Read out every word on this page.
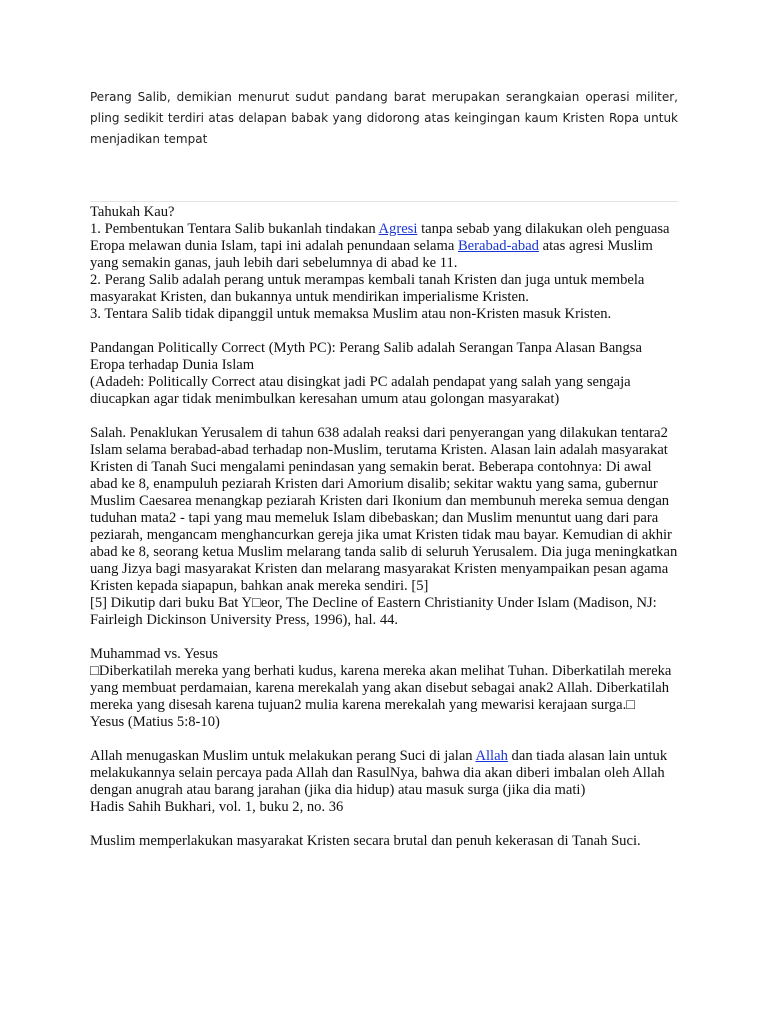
Perang Salib, demikian menurut sudut pandang barat merupakan serangkaian operasi militer, pling sedikit terdiri atas delapan babak yang didorong atas keingingan kaum Kristen Ropa untuk menjadikan tempat

Tahukah Kau?

1. Pembentukan Tentara Salib bukanlah tindakan Agresi tanpa sebab yang dilakukan oleh penguasa Eropa melawan dunia Islam, tapi ini adalah penundaan selama Berabad-abad atas agresi Muslim yang semakin ganas, jauh lebih dari sebelumnya di abad ke 11.

2. Perang Salib adalah perang untuk merampas kembali tanah Kristen dan juga untuk membela masyarakat Kristen, dan bukannya untuk mendirikan imperialisme Kristen.

3. Tentara Salib tidak dipanggil untuk memaksa Muslim atau non-Kristen masuk Kristen.

Pandangan Politically Correct (Myth PC): Perang Salib adalah Serangan Tanpa Alasan Bangsa Eropa terhadap Dunia Islam

(Adadeh: Politically Correct atau disingkat jadi PC adalah pendapat yang salah yang sengaja diucapkan agar tidak menimbulkan keresahan umum atau golongan masyarakat)

Salah. Penaklukan Yerusalem di tahun 638 adalah reaksi dari penyerangan yang dilakukan tentara2 Islam selama berabad-abad terhadap non-Muslim, terutama Kristen. Alasan lain adalah masyarakat Kristen di Tanah Suci mengalami penindasan yang semakin berat. Beberapa contohnya: Di awal abad ke 8, enampuluh peziarah Kristen dari Amorium disalib; sekitar waktu yang sama, gubernur Muslim Caesarea menangkap peziarah Kristen dari Ikonium dan membunuh mereka semua dengan tuduhan mata2 - tapi yang mau memeluk Islam dibebaskan; dan Muslim menuntut uang dari para peziarah, mengancam menghancurkan gereja jika umat Kristen tidak mau bayar. Kemudian di akhir abad ke 8, seorang ketua Muslim melarang tanda salib di seluruh Yerusalem. Dia juga meningkatkan uang Jizya bagi masyarakat Kristen dan melarang masyarakat Kristen menyampaikan pesan agama Kristen kepada siapapun, bahkan anak mereka sendiri. [5]

[5] Dikutip dari buku Bat Y□eor, The Decline of Eastern Christianity Under Islam (Madison, NJ: Fairleigh Dickinson University Press, 1996), hal. 44.

Muhammad vs. Yesus

□Diberkatilah mereka yang berhati kudus, karena mereka akan melihat Tuhan. Diberkatilah mereka yang membuat perdamaian, karena merekalah yang akan disebut sebagai anak2 Allah. Diberkatilah mereka yang disesah karena tujuan2 mulia karena merekalah yang mewarisi kerajaan surga.□

Yesus (Matius 5:8-10)

Allah menugaskan Muslim untuk melakukan perang Suci di jalan Allah dan tiada alasan lain untuk melakukannya selain percaya pada Allah dan RasulNya, bahwa dia akan diberi imbalan oleh Allah dengan anugrah atau barang jarahan (jika dia hidup) atau masuk surga (jika dia mati)

Hadis Sahih Bukhari, vol. 1, buku 2, no. 36

Muslim memperlakukan masyarakat Kristen secara brutal dan penuh kekerasan di Tanah Suci.
